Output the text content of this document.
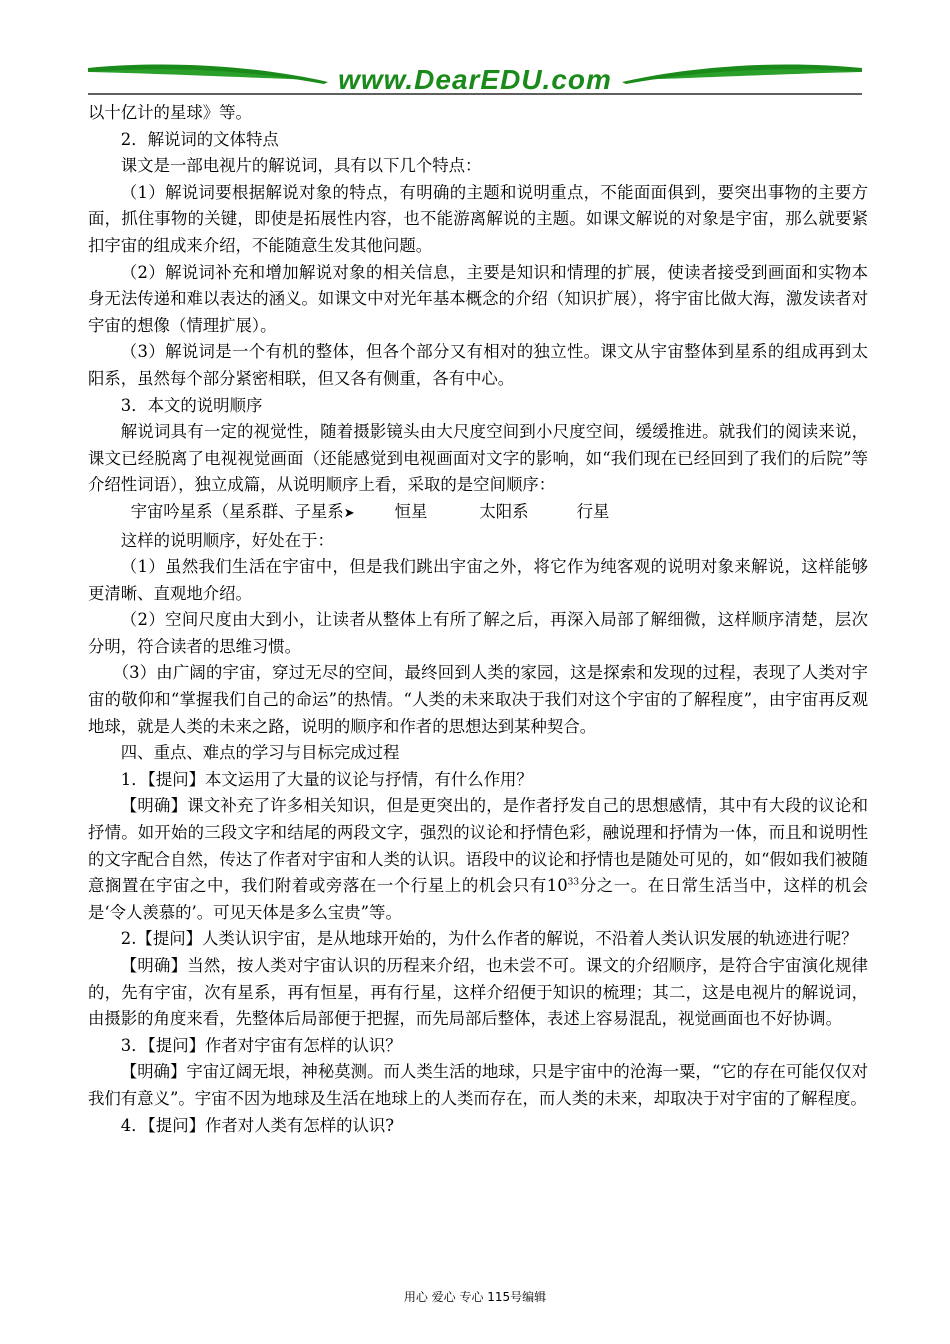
www.DearEDU.com

以十亿计的星球》等。

2．解说词的文体特点

课文是一部电视片的解说词，具有以下几个特点：

（1）解说词要根据解说对象的特点，有明确的主题和说明重点，不能面面俱到，要突出事物的主要方面，抓住事物的关键，即使是拓展性内容，也不能游离解说的主题。如课文解说的对象是宇宙，那么就要紧扣宇宙的组成来介绍，不能随意生发其他问题。

（2）解说词补充和增加解说对象的相关信息，主要是知识和情理的扩展，使读者接受到画面和实物本身无法传递和难以表达的涵义。如课文中对光年基本概念的介绍（知识扩展），将宇宙比做大海，激发读者对宇宙的想像（情理扩展）。

（3）解说词是一个有机的整体，但各个部分又有相对的独立性。课文从宇宙整体到星系的组成再到太阳系，虽然每个部分紧密相联，但又各有侧重，各有中心。

3．本文的说明顺序

解说词具有一定的视觉性，随着摄影镜头由大尺度空间到小尺度空间，缓缓推进。就我们的阅读来说，课文已经脱离了电视视觉画面（还能感觉到电视画面对文字的影响，如“我们现在已经回到了我们的后院”等介绍性词语），独立成篇，从说明顺序上看，采取的是空间顺序：

宇宙吟星系（星系群、子星系➤ 恒星	太阳系	行星

这样的说明顺序，好处在于：

（1）虽然我们生活在宇宙中，但是我们跳出宇宙之外，将它作为纯客观的说明对象来解说，这样能够更清晰、直观地介绍。

（2）空间尺度由大到小，让读者从整体上有所了解之后，再深入局部了解细微，这样顺序清楚，层次分明，符合读者的思维习惯。

（3）由广阔的宇宙，穿过无尽的空间，最终回到人类的家园，这是探索和发现的过程，表现了人类对宇宙的敬仰和“掌握我们自己的命运”的热情。“人类的未来取决于我们对这个宇宙的了解程度”，由宇宙再反观地球，就是人类的未来之路，说明的顺序和作者的思想达到某种契合。

四、重点、难点的学习与目标完成过程

1．【提问】本文运用了大量的议论与抒情，有什么作用？

【明确】课文补充了许多相关知识，但是更突出的，是作者抒发自己的思想感情，其中有大段的议论和抒情。如开始的三段文字和结尾的两段文字，强烈的议论和抒情色彩，融说理和抒情为一体，而且和说明性的文字配合自然，传达了作者对宇宙和人类的认识。语段中的议论和抒情也是随处可见的，如“假如我们被随意搁置在宇宙之中，我们附着或旁落在一个行星上的机会只有$10^{33}$分之一。在日常生活当中，这样的机会是‘令人羡慕的’。可见天体是多么宝贵”等。

2.【提问】人类认识宇宙，是从地球开始的，为什么作者的解说，不沿着人类认识发展的轨迹进行呢？

【明确】当然，按人类对宇宙认识的历程来介绍，也未尝不可。课文的介绍顺序，是符合宇宙演化规律的，先有宇宙，次有星系，再有恒星，再有行星，这样介绍便于知识的梳理；其二，这是电视片的解说词，由摄影的角度来看，先整体后局部便于把握，而先局部后整体，表述上容易混乱，视觉画面也不好协调。

3．【提问】作者对宇宙有怎样的认识？

【明确】宇宙辽阔无垠，神秘莫测。而人类生活的地球，只是宇宙中的沧海一粟，“它的存在可能仅仅对我们有意义”。宇宙不因为地球及生活在地球上的人类而存在，而人类的未来，却取决于对宇宙的了解程度。

4．【提问】作者对人类有怎样的认识?

用心 爱心 专心 115号编辑
